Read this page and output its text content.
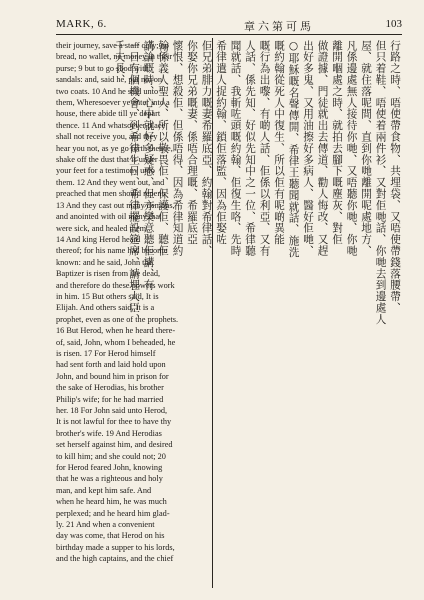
MARK, 6.	章六第可馬	103
their journey, save a staff only; no
bread, no wallet, no money in their
purse; 9 but to go shod with
sandals: and, said he, put not on
two coats. 10 And he said unto
them, Wheresoever ye enter into a
house, there abide till ye depart
thence. 11 And whatsoever place
shall not receive you, and they
hear you not, as ye go forth thence,
shake off the dust that is under
your feet for a testimony unto
them. 12 And they went out, and
preached that men should repent.
13 And they cast out many demons,
and anointed with oil many that
were sick, and healed them.
14 And king Herod heard
thereof; for his name had become
known: and he said, John the
Baptizer is risen from the dead,
and therefore do these powers work
in him. 15 But others said, It is
Elijah. And others said, It is a
prophet, even as one of the prophets.
16 But Herod, when he heard there-
of, said, John, whom I beheaded, he
is risen. 17 For Herod himself
had sent forth and laid hold upon
John, and bound him in prison for
the sake of Herodias, his brother
Philip's wife; for he had married
her. 18 For John said unto Herod,
It is not lawful for thee to have thy
brother's wife. 19 And Herodias
set herself against him, and desired
to kill him; and she could not; 20
for Herod feared John, knowing
that he was a righteous and holy
man, and kept him safe. And
when he heard him, he was much
perplexed; and he heard him glad-
ly. 21 And when a convenient
day was come, that Herod on his
birthday made a supper to his lords,
and the high captains, and the chief
行路之時、唔使帶食物、共埋袋、又唔使帶錢落腰帶、
但只着鞋、唔使着兩件衫、又對佢哋話、你哋去到邊處人
屋、就住落呢間、直到你哋離開呢處地方、
凡係邊處無人接待你哋、又唔聽你哋、你哋
離開嗰處之時、就拍去腳下嘅塵灰、對佢
做證據、門徒就出去傳道、勸人悔改、又趕
出好多鬼、又用油擦好多病人、醫好佢哋、
○耶穌嘅名聲傳開、希律王聽聞就話、施洗
嘅約翰從死人中復生、所以佢有呢啲異能
嘅行為出嚟、有啲人話、佢係以利亞、又有
人話、係先知、好似先知中之一位、希律聽
聞就話、我斬咗頭嘅約翰、佢復生咯、先時
希律遣人捉約翰、鎖佢落監、因為佢娶咗
佢兄弟腓力嘅妻希羅底亞、約翰對希律話、
你娶你兄弟嘅妻、係唔合理嘅、希羅底亞
懷恨、想殺佢、但係唔得、因為希律知道約
翰係義人聖人、所以敬畏佢、保護佢、聽佢
講論嘅時、心中就好多疑惑、但亦樂意聽佢講、有
一日有個機會、到希律生日、希律擺設筵席、請埋大臣、
千夫長、
